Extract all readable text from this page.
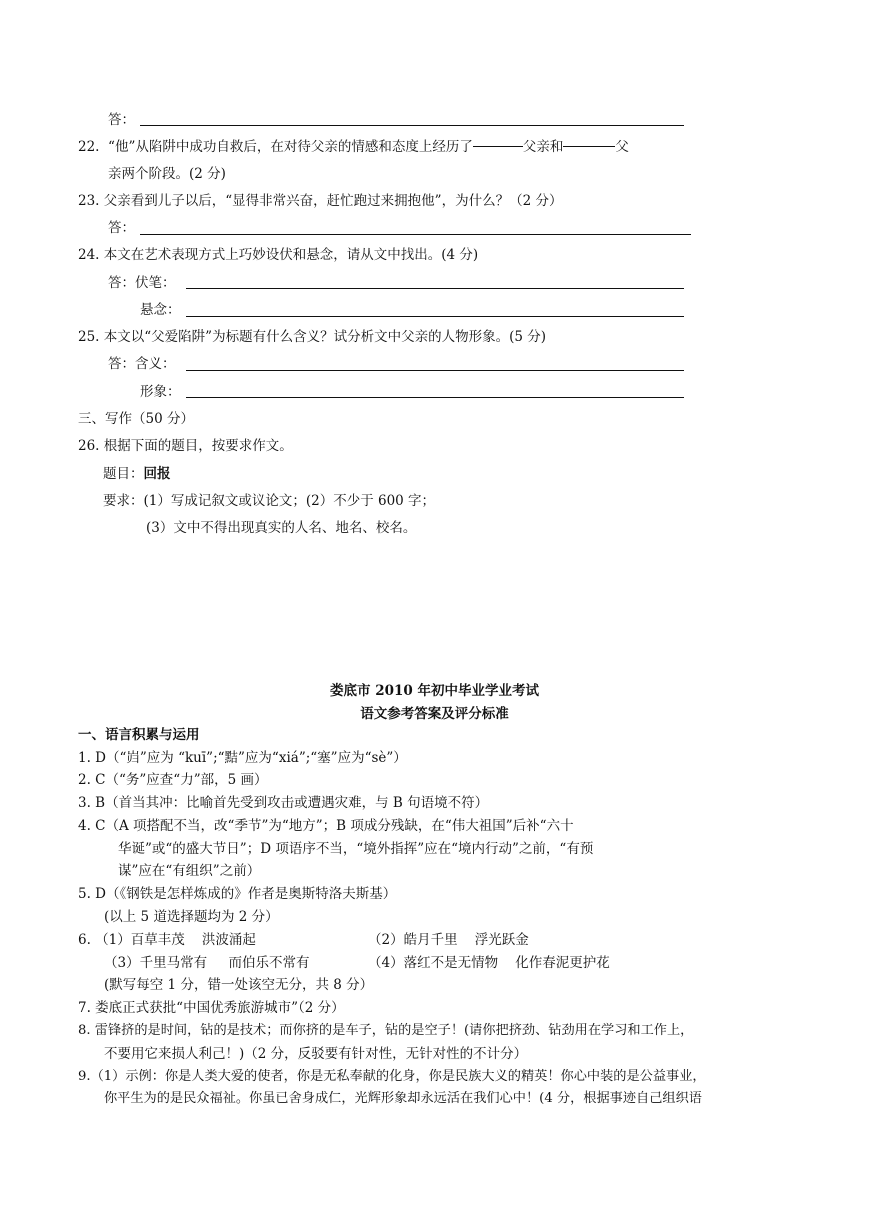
答：
22.  “他”从陷阱中成功自救后，在对待父亲的情感和态度上经历了	父亲和	父
亲两个阶段。(2 分)
23. 父亲看到儿子以后，“显得非常兴奋，赶忙跑过来拥抱他”，为什么？（2 分）
答：
24. 本文在艺术表现方式上巧妙设伏和悬念，请从文中找出。(4 分)
答：伏笔：
悬念：
25. 本文以“父爱陷阱”为标题有什么含义？试分析文中父亲的人物形象。(5 分)
答：含义：
形象：
三、写作（50 分）
26. 根据下面的题目，按要求作文。
题目：回报
要求：(1）写成记叙文或议论文；(2）不少于 600 字；
(3）文中不得出现真实的人名、地名、校名。
娄底市 2010 年初中毕业学业考试
语文参考答案及评分标准
一、语言积累与运用
1. D（“岿”应为 “kuī”;“黠”应为“xiá”;“塞”应为“sè”）
2. C（“务”应查“力”部，5 画）
3. B（首当其冲：比喻首先受到攻击或遭遇灾难，与 B 句语境不符）
4. C（A 项搭配不当，改“季节”为“地方”；B 项成分残缺，在“伟大祖国”后补“六十
华诞”或“的盛大节日”；D 项语序不当，“境外指挥”应在“境内行动”之前，“有预
谋”应在“有组织”之前）
5. D（《钢铁是怎样炼成的》作者是奥斯特洛夫斯基）
(以上 5 道选择题均为 2 分）
6. （1）百草丰茂    洪波涌起	（2）皓月千里    浮光跃金
（3）千里马常有     而伯乐不常有	（4）落红不是无情物    化作春泥更护花
(默写每空 1 分，错一处该空无分，共 8 分）
7. 娄底正式获批“中国优秀旅游城市”（2 分）
8. 雷锋挤的是时间，钻的是技术；而你挤的是车子，钻的是空子！(请你把挤劲、钻劲用在学习和工作上，
不要用它来损人利己！)（2 分，反驳要有针对性，无针对性的不计分）
9.（1）示例：你是人类大爱的使者，你是无私奉献的化身，你是民族大义的精英！你心中装的是公益事业，
你平生为的是民众福祉。你虽已舍身成仁，光辉形象却永远活在我们心中！(4 分，根据事迹自己组织语
